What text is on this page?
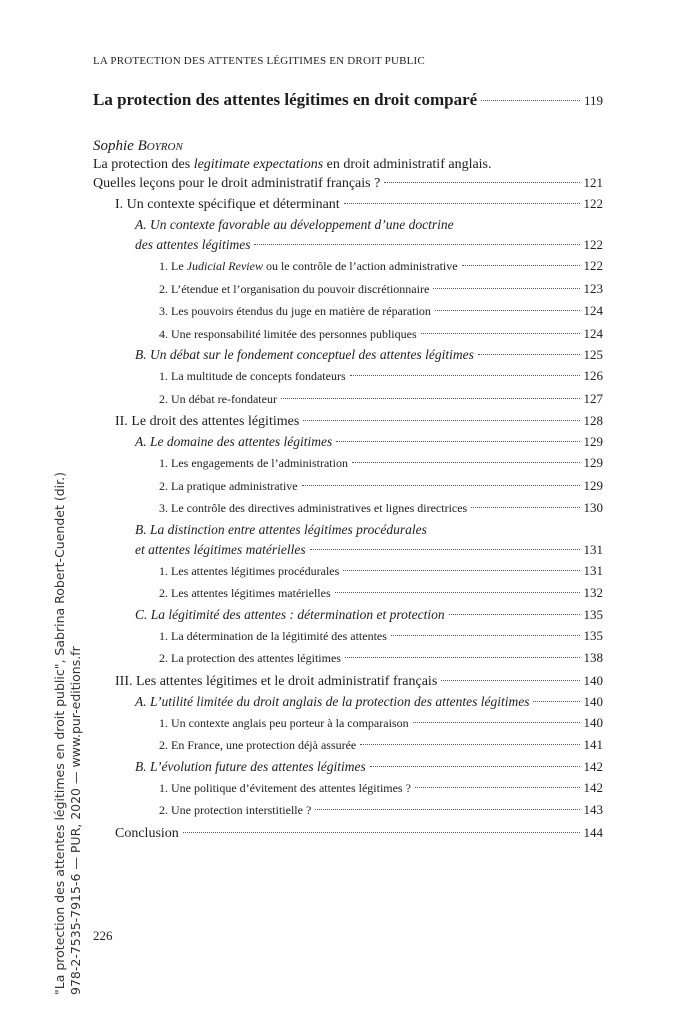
LA PROTECTION DES ATTENTES LÉGITIMES EN DROIT PUBLIC
La protection des attentes légitimes en droit comparé	119
Sophie Boyron
La protection des legitimate expectations en droit administratif anglais.
Quelles leçons pour le droit administratif français ?	121
I. Un contexte spécifique et déterminant	122
A. Un contexte favorable au développement d’une doctrine
des attentes légitimes	122
1. Le Judicial Review ou le contrôle de l’action administrative	122
2. L’étendue et l’organisation du pouvoir discrétionnaire	123
3. Les pouvoirs étendus du juge en matière de réparation	124
4. Une responsabilité limitée des personnes publiques	124
B. Un débat sur le fondement conceptuel des attentes légitimes	125
1. La multitude de concepts fondateurs	126
2. Un débat re-fondateur	127
II. Le droit des attentes légitimes	128
A. Le domaine des attentes légitimes	129
1. Les engagements de l’administration	129
2. La pratique administrative	129
3. Le contrôle des directives administratives et lignes directrices	130
B. La distinction entre attentes légitimes procédurales
et attentes légitimes matérielles	131
1. Les attentes légitimes procédurales	131
2. Les attentes légitimes matérielles	132
C. La légitimité des attentes : détermination et protection	135
1. La détermination de la légitimité des attentes	135
2. La protection des attentes légitimes	138
III. Les attentes légitimes et le droit administratif français	140
A. L’utilité limitée du droit anglais de la protection des attentes légitimes	140
1. Un contexte anglais peu porteur à la comparaison	140
2. En France, une protection déjà assurée	141
B. L’évolution future des attentes légitimes	142
1. Une politique d’évitement des attentes légitimes ?	142
2. Une protection interstitielle ?	143
Conclusion	144
226
"La protection des attentes légitimes en droit public", Sabrina Robert-Cuendet (dir.) 978-2-7535-7915-6 — PUR, 2020 — www.pur-editions.fr
